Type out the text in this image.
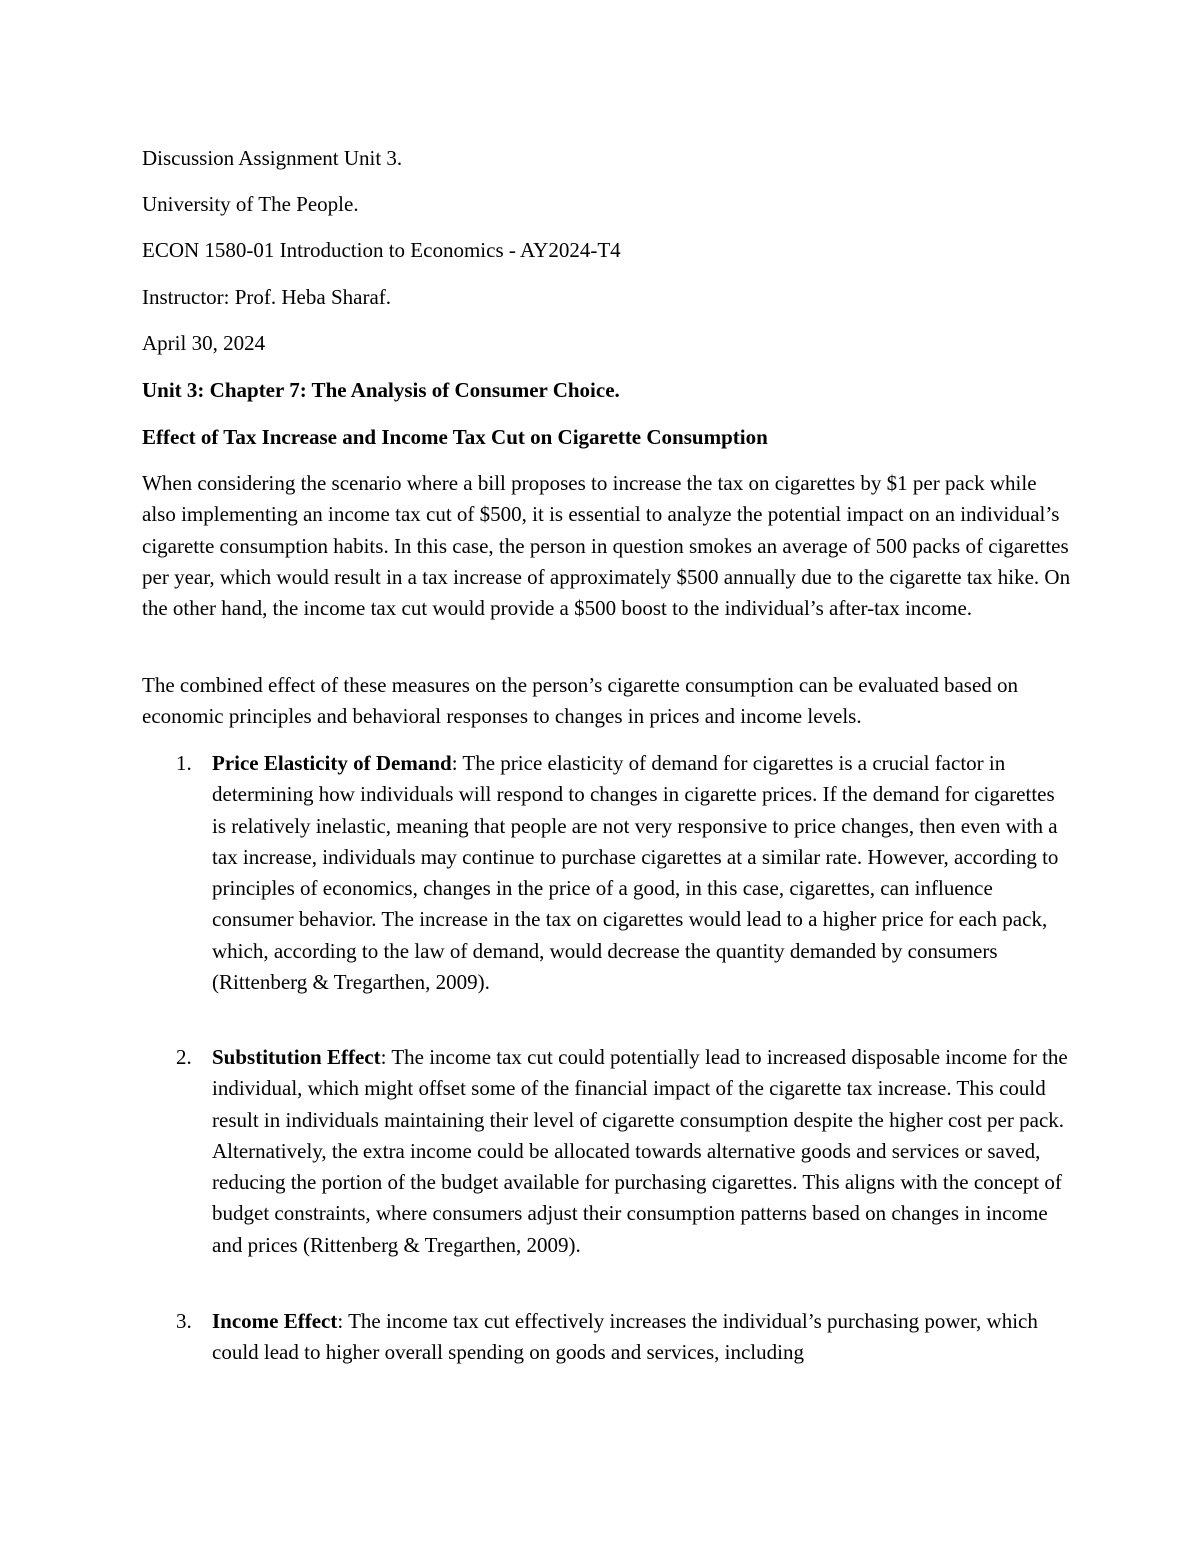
Discussion Assignment Unit 3.
University of The People.
ECON 1580-01 Introduction to Economics - AY2024-T4
Instructor: Prof. Heba Sharaf.
April 30, 2024
Unit 3: Chapter 7: The Analysis of Consumer Choice.
Effect of Tax Increase and Income Tax Cut on Cigarette Consumption

When considering the scenario where a bill proposes to increase the tax on cigarettes by $1 per pack while also implementing an income tax cut of $500, it is essential to analyze the potential impact on an individual’s cigarette consumption habits. In this case, the person in question smokes an average of 500 packs of cigarettes per year, which would result in a tax increase of approximately $500 annually due to the cigarette tax hike. On the other hand, the income tax cut would provide a $500 boost to the individual’s after-tax income.

The combined effect of these measures on the person’s cigarette consumption can be evaluated based on economic principles and behavioral responses to changes in prices and income levels.

1. Price Elasticity of Demand: The price elasticity of demand for cigarettes is a crucial factor in determining how individuals will respond to changes in cigarette prices. If the demand for cigarettes is relatively inelastic, meaning that people are not very responsive to price changes, then even with a tax increase, individuals may continue to purchase cigarettes at a similar rate. However, according to principles of economics, changes in the price of a good, in this case, cigarettes, can influence consumer behavior. The increase in the tax on cigarettes would lead to a higher price for each pack, which, according to the law of demand, would decrease the quantity demanded by consumers (Rittenberg & Tregarthen, 2009).

2. Substitution Effect: The income tax cut could potentially lead to increased disposable income for the individual, which might offset some of the financial impact of the cigarette tax increase. This could result in individuals maintaining their level of cigarette consumption despite the higher cost per pack. Alternatively, the extra income could be allocated towards alternative goods and services or saved, reducing the portion of the budget available for purchasing cigarettes. This aligns with the concept of budget constraints, where consumers adjust their consumption patterns based on changes in income and prices (Rittenberg & Tregarthen, 2009).

3. Income Effect: The income tax cut effectively increases the individual’s purchasing power, which could lead to higher overall spending on goods and services, including
